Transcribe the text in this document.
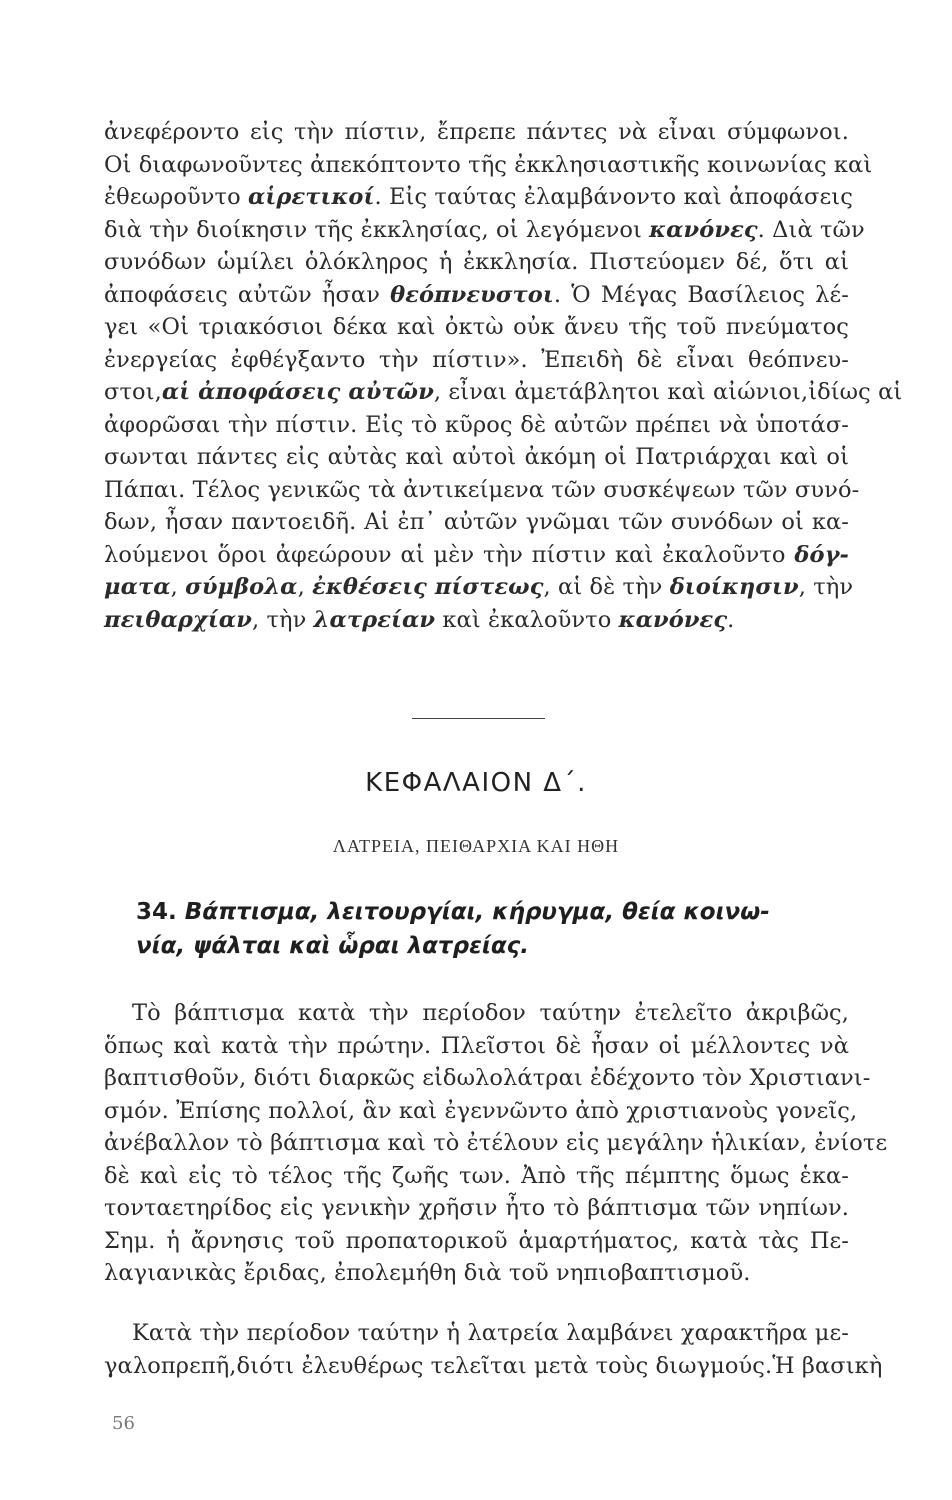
ἀνεφέροντο εἰς τὴν πίστιν, ἔπρεπε πάντες νὰ εἶναι σύμφωνοι.
Οἱ διαφωνοῦντες ἀπεκόπτοντο τῆς ἐκκλησιαστικῆς κοινωνίας καὶ
ἐθεωροῦντο αἱρετικοί. Εἰς ταύτας ἐλαμβάνοντο καὶ ἀποφάσεις
διὰ τὴν διοίκησιν τῆς ἐκκλησίας, οἱ λεγόμενοι κανόνες. Διὰ τῶν
συνόδων ὡμίλει ὁλόκληρος ἡ ἐκκλησία. Πιστεύομεν δέ, ὅτι αἱ
ἀποφάσεις αὐτῶν ἦσαν θεόπνευστοι. Ὁ Μέγας Βασίλειος λέ-
γει «Οἱ τριακόσιοι δέκα καὶ ὀκτὼ οὐκ ἄνευ τῆς τοῦ πνεύματος
ἐνεργείας ἐφθέγξαντο τὴν πίστιν». Ἐπειδὴ δὲ εἶναι θεόπνευ-
στοι,αἱ ἀποφάσεις αὐτῶν, εἶναι ἀμετάβλητοι καὶ αἰώνιοι,ἰδίως αἱ
ἀφορῶσαι τὴν πίστιν. Εἰς τὸ κῦρος δὲ αὐτῶν πρέπει νὰ ὑποτάσ-
σωνται πάντες εἰς αὐτὰς καὶ αὐτοὶ ἀκόμη οἱ Πατριάρχαι καὶ οἱ
Πάπαι. Τέλος γενικῶς τὰ ἀντικείμενα τῶν συσκέψεων τῶν συνό-
δων, ἦσαν παντοειδῆ. Αἱ ἐπ᾿ αὐτῶν γνῶμαι τῶν συνόδων οἱ κα-
λούμενοι ὅροι ἀφεώρουν αἱ μὲν τὴν πίστιν καὶ ἐκαλοῦντο δόγ-
ματα, σύμβολα, ἐκθέσεις πίστεως, αἱ δὲ τὴν διοίκησιν, τὴν
πειθαρχίαν, τὴν λατρείαν καὶ ἐκαλοῦντο κανόνες.
ΚΕΦΑΛΑΙΟΝ Δ΄.
ΛΑΤΡΕΙΑ, ΠΕΙΘΑΡΧΙΑ ΚΑΙ ΗΘΗ
34. Βάπτισμα, λειτουργίαι, κήρυγμα, θεία κοινω-
νία, ψάλται καὶ ὧραι λατρείας.
Τὸ βάπτισμα κατὰ τὴν περίοδον ταύτην ἐτελεῖτο ἀκριβῶς,
ὅπως καὶ κατὰ τὴν πρώτην. Πλεῖστοι δὲ ἦσαν οἱ μέλλοντες νὰ
βαπτισθοῦν, διότι διαρκῶς εἰδωλολάτραι ἐδέχοντο τὸν Χριστιανι-
σμόν. Ἐπίσης πολλοί, ἂν καὶ ἐγεννῶντο ἀπὸ χριστιανοὺς γονεῖς,
ἀνέβαλλον τὸ βάπτισμα καὶ τὸ ἐτέλουν εἰς μεγάλην ἡλικίαν, ἐνίοτε
δὲ καὶ εἰς τὸ τέλος τῆς ζωῆς των. Ἀπὸ τῆς πέμπτης ὅμως ἑκα-
τονταετηρίδος εἰς γενικὴν χρῆσιν ἦτο τὸ βάπτισμα τῶν νηπίων.
Σημ. ἡ ἄρνησις τοῦ προπατορικοῦ ἁμαρτήματος, κατὰ τὰς Πε-
λαγιανικὰς ἔριδας, ἐπολεμήθη διὰ τοῦ νηπιοβαπτισμοῦ.
Κατὰ τὴν περίοδον ταύτην ἡ λατρεία λαμβάνει χαρακτῆρα με-
γαλοπρεπῆ,διότι ἐλευθέρως τελεῖται μετὰ τοὺς διωγμούς.Ἡ βασικὴ
56
